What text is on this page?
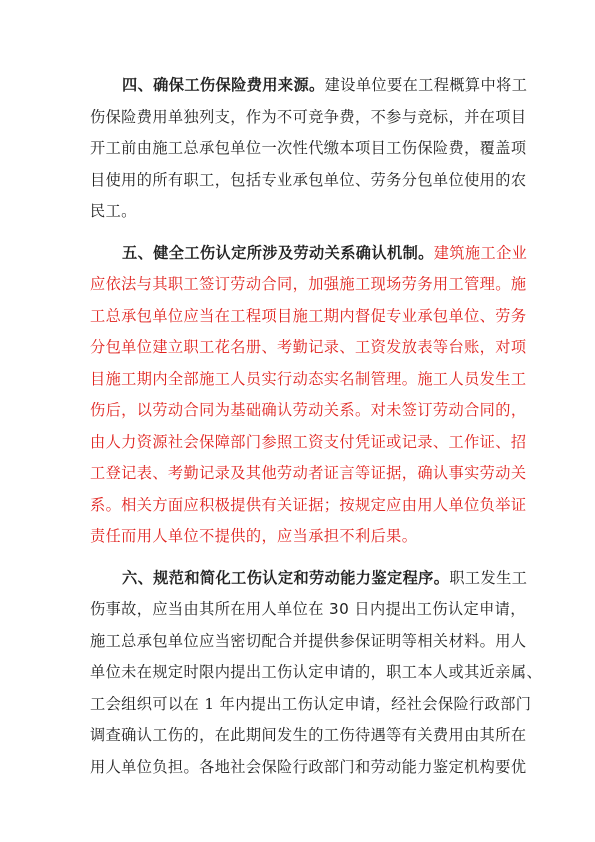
四、确保工伤保险费用来源。建设单位要在工程概算中将工
伤保险费用单独列支，作为不可竞争费，不参与竞标，并在项目
开工前由施工总承包单位一次性代缴本项目工伤保险费，覆盖项
目使用的所有职工，包括专业承包单位、劳务分包单位使用的农
民工。
五、健全工伤认定所涉及劳动关系确认机制。建筑施工企业
应依法与其职工签订劳动合同，加强施工现场劳务用工管理。施
工总承包单位应当在工程项目施工期内督促专业承包单位、劳务
分包单位建立职工花名册、考勤记录、工资发放表等台账，对项
目施工期内全部施工人员实行动态实名制管理。施工人员发生工
伤后，以劳动合同为基础确认劳动关系。对未签订劳动合同的，
由人力资源社会保障部门参照工资支付凭证或记录、工作证、招
工登记表、考勤记录及其他劳动者证言等证据，确认事实劳动关
系。相关方面应积极提供有关证据；按规定应由用人单位负举证
责任而用人单位不提供的，应当承担不利后果。
六、规范和简化工伤认定和劳动能力鉴定程序。职工发生工
伤事故，应当由其所在用人单位在 30 日内提出工伤认定申请，
施工总承包单位应当密切配合并提供参保证明等相关材料。用人
单位未在规定时限内提出工伤认定申请的，职工本人或其近亲属、
工会组织可以在 1 年内提出工伤认定申请，经社会保险行政部门
调查确认工伤的，在此期间发生的工伤待遇等有关费用由其所在
用人单位负担。各地社会保险行政部门和劳动能力鉴定机构要优
